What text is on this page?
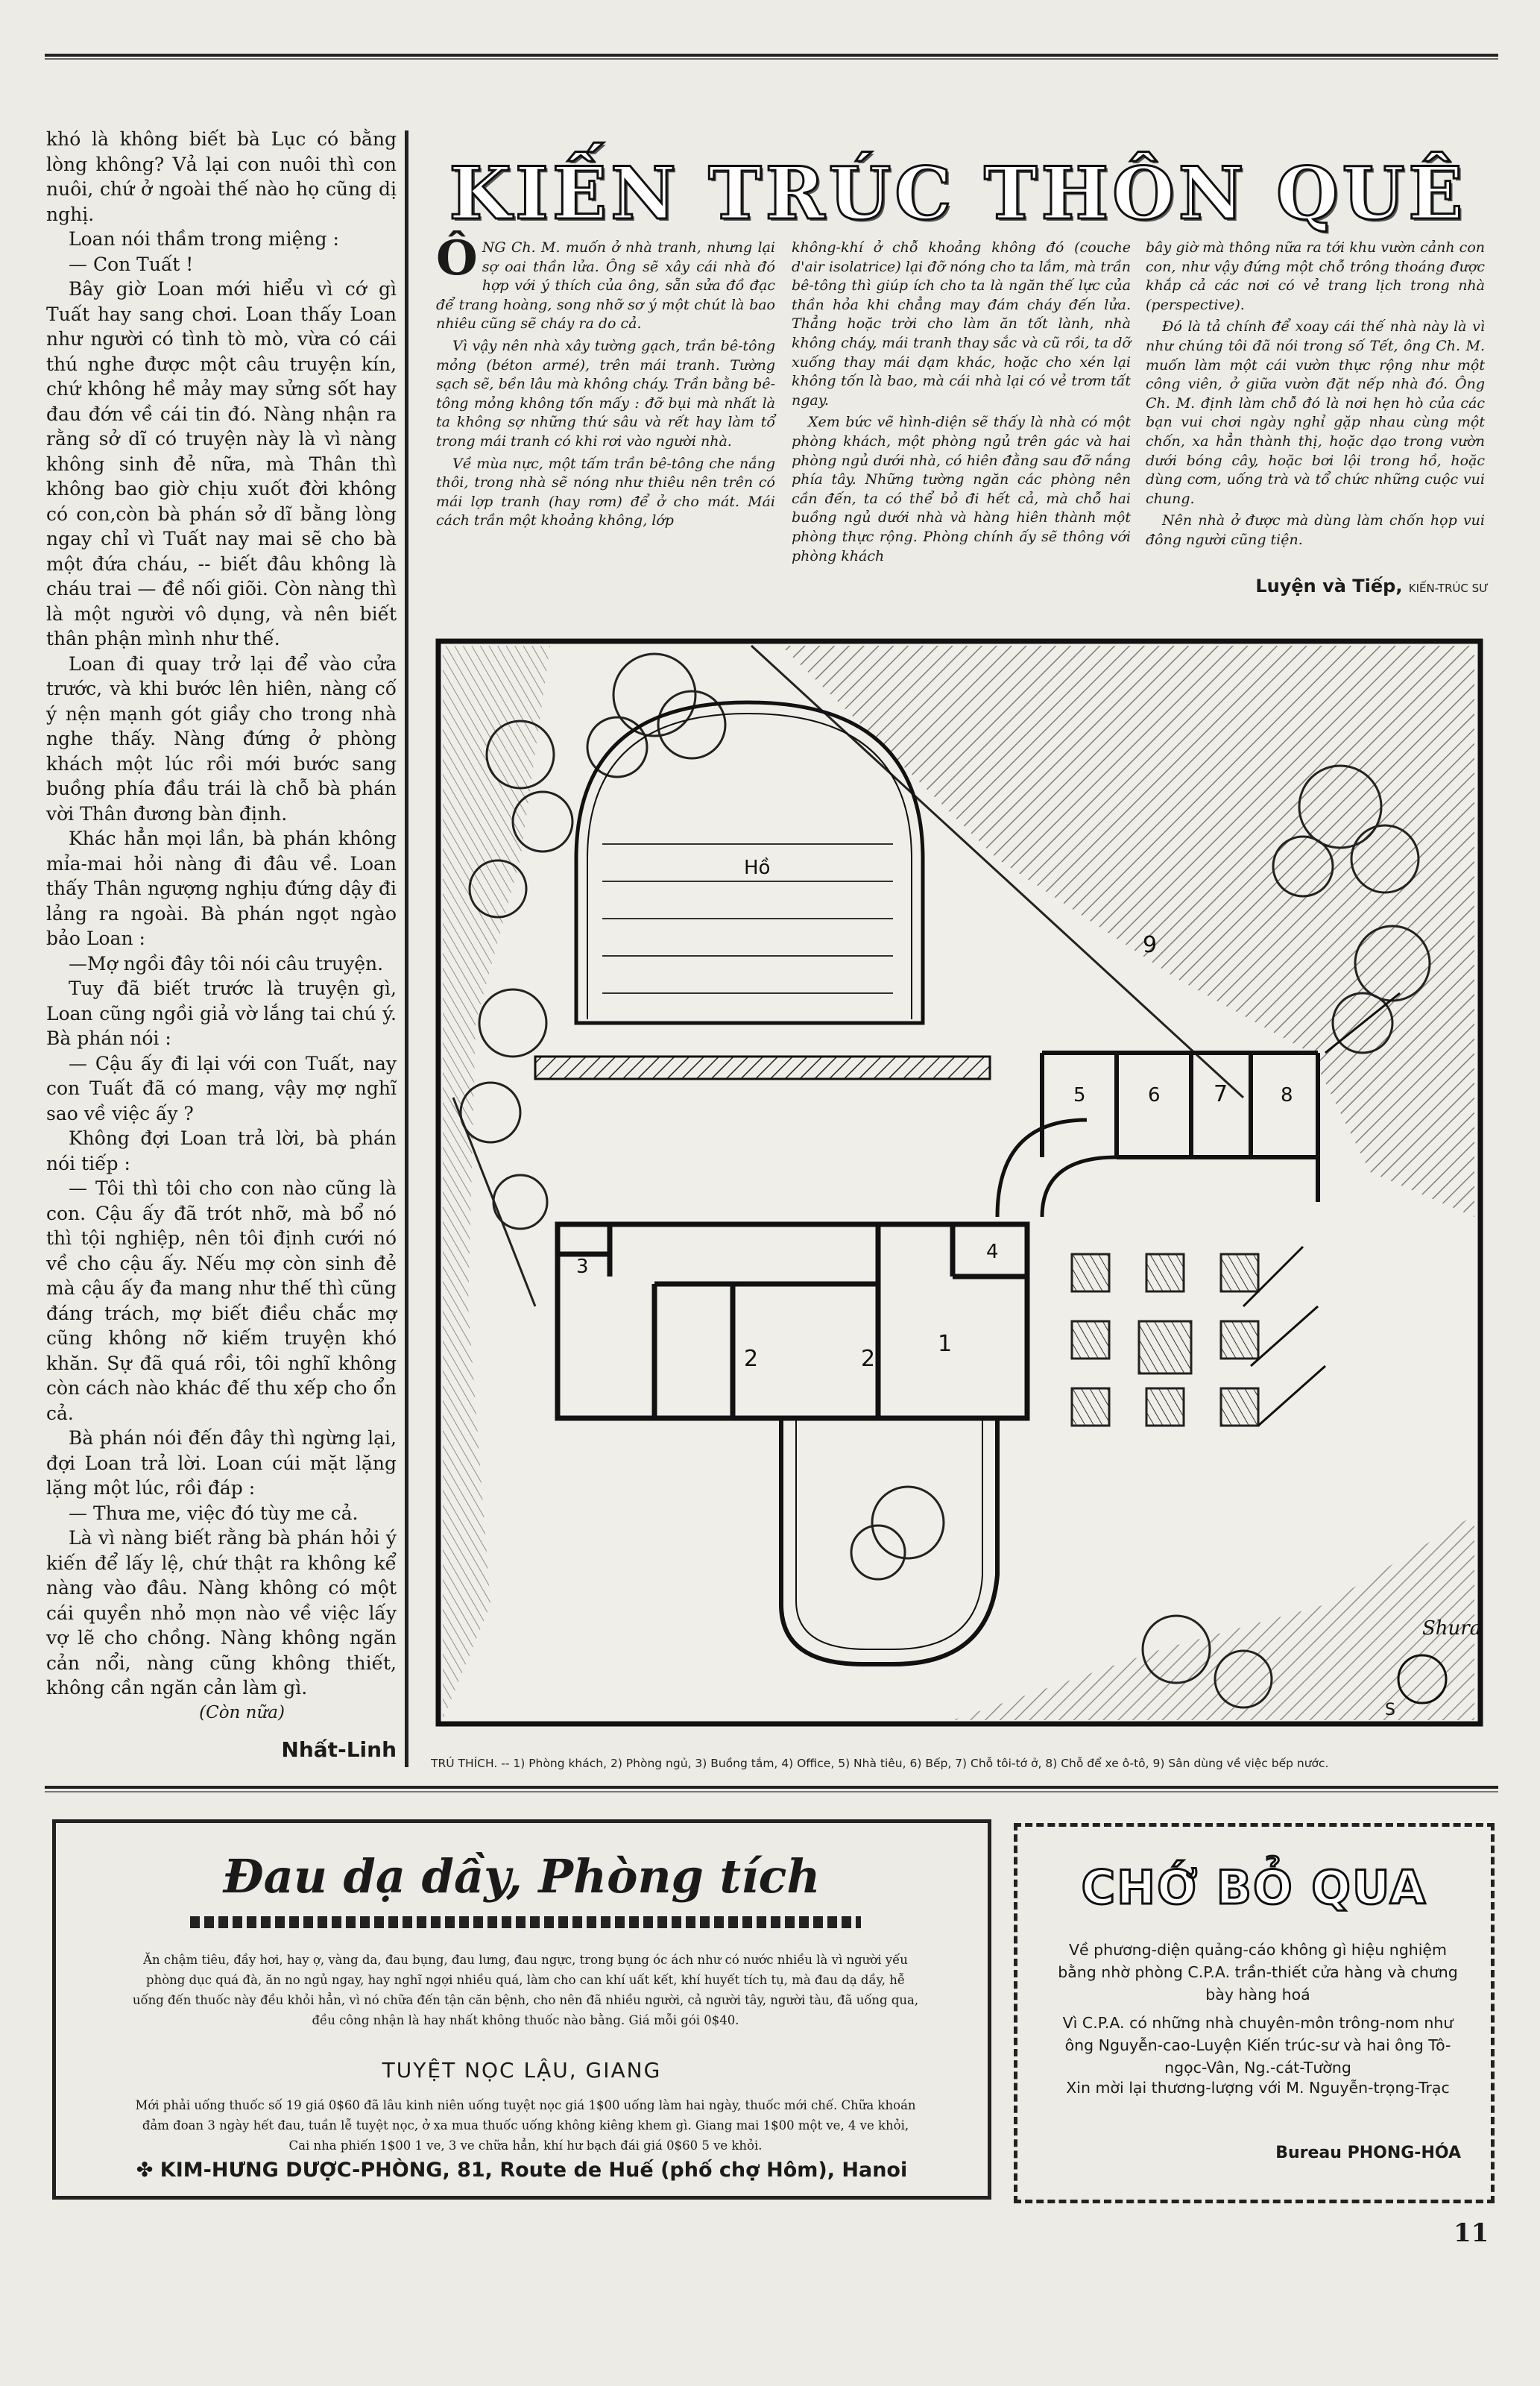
khó là không biết bà Lục có bằng lòng không? Vả lại con nuôi thì con nuôi, chứ ở ngoài thế nào họ cũng dị nghị.

Loan nói thầm trong miệng :

— Con Tuất !

Bây giờ Loan mới hiểu vì cớ gì Tuất hay sang chơi. Loan thấy Loan như người có tình tò mò, vừa có cái thú nghe được một câu truyện kín, chứ không hề mảy may sửng sốt hay đau đớn về cái tin đó. Nàng nhận ra rằng sở dĩ có truyện này là vì nàng không sinh đẻ nữa, mà Thân thì không bao giờ chịu xuốt đời không có con,còn bà phán sở dĩ bằng lòng ngay chỉ vì Tuất nay mai sẽ cho bà một đứa cháu, -- biết đâu không là cháu trai — đề nối giõi. Còn nàng thì là một người vô dụng, và nên biết thân phận mình như thế.

Loan đi quay trở lại để vào cửa trước, và khi bước lên hiên, nàng cố ý nện mạnh gót giầy cho trong nhà nghe thấy. Nàng đứng ở phòng khách một lúc rồi mới bước sang buồng phía đầu trái là chỗ bà phán vời Thân đương bàn định.

Khác hẳn mọi lần, bà phán không mỉa-mai hỏi nàng đi đâu về. Loan thấy Thân ngượng nghịu đứng dậy đi lảng ra ngoài. Bà phán ngọt ngào bảo Loan :

—Mợ ngồi đây tôi nói câu truyện.

Tuy đã biết trước là truyện gì, Loan cũng ngồi giả vờ lắng tai chú ý. Bà phán nói :

— Cậu ấy đi lại với con Tuất, nay con Tuất đã có mang, vậy mợ nghĩ sao về việc ấy ?

Không đợi Loan trả lời, bà phán nói tiếp :

— Tôi thì tôi cho con nào cũng là con. Cậu ấy đã trót nhỡ, mà bổ nó thì tội nghiệp, nên tôi định cưới nó về cho cậu ấy. Nếu mợ còn sinh đẻ mà cậu ấy đa mang như thế thì cũng đáng trách, mợ biết điều chắc mợ cũng không nỡ kiếm truyện khó khăn. Sự đã quá rồi, tôi nghĩ không còn cách nào khác đế thu xếp cho ổn cả.

Bà phán nói đến đây thì ngừng lại, đợi Loan trả lời. Loan cúi mặt lặng lặng một lúc, rồi đáp :

— Thưa me, việc đó tùy me cả.

Là vì nàng biết rằng bà phán hỏi ý kiến để lấy lệ, chứ thật ra không kể nàng vào đâu. Nàng không có một cái quyền nhỏ mọn nào về việc lấy vợ lẽ cho chồng. Nàng không ngăn cản nổi, nàng cũng không thiết, không cần ngăn cản làm gì.

(Còn nữa)

Nhất-Linh

KIẾN TRÚC THÔN QUÊ

ÔNG Ch. M. muốn ở nhà tranh, nhưng lại sợ oai thần lửa. Ông sẽ xây cái nhà đó hợp với ý thích của ông, sẵn sửa đồ đạc để trang hoàng, song nhỡ sơ ý một chút là bao nhiêu cũng sẽ cháy ra do cả.

Vì vậy nên nhà xây tường gạch, trần bê-tông mỏng (béton armé), trên mái tranh. Tường sạch sẽ, bền lâu mà không cháy. Trần bằng bê-tông mỏng không tốn mấy : đỡ bụi mà nhất là ta không sợ những thứ sâu và rết hay làm tổ trong mái tranh có khi rơi vào người nhà.

Về mùa nực, một tấm trần bê-tông che nắng thôi, trong nhà sẽ nóng như thiêu nên trên có mái lợp tranh (hay rơm) để ở cho mát. Mái cách trần một khoảng không, lớp

không-khí ở chỗ khoảng không đó (couche d'air isolatrice) lại đỡ nóng cho ta lắm, mà trần bê-tông thì giúp ích cho ta là ngăn thế lực của thần hỏa khi chẳng may đám cháy đến lửa. Thẳng hoặc trời cho làm ăn tốt lành, nhà không cháy, mái tranh thay sắc và cũ rồi, ta dỡ xuống thay mái dạm khác, hoặc cho xén lại không tốn là bao, mà cái nhà lại có vẻ trơm tất ngay.

Xem bức vẽ hình-diện sẽ thấy là nhà có một phòng khách, một phòng ngủ trên gác và hai phòng ngủ dưới nhà, có hiên đằng sau đỡ nắng phía tây. Những tường ngăn các phòng nên cần đến, ta có thể bỏ đi hết cả, mà chỗ hai buồng ngủ dưới nhà và hàng hiên thành một phòng thực rộng. Phòng chính ấy sẽ thông với phòng khách

bây giờ mà thông nữa ra tới khu vườn cảnh con con, như vậy đứng một chỗ trông thoáng được khắp cả các nơi có vẻ trang lịch trong nhà (perspective).

Đó là tả chính để xoay cái thế nhà này là vì như chúng tôi đã nói trong số Tết, ông Ch. M. muốn làm một cái vườn thực rộng như một công viên, ở giữa vườn đặt nếp nhà đó. Ông Ch. M. định làm chỗ đó là nơi hẹn hò của các bạn vui chơi ngày nghỉ gặp nhau cùng một chốn, xa hẳn thành thị, hoặc dạo trong vườn dưới bóng cây, hoặc bơi lội trong hồ, hoặc dùng cơm, uống trà và tổ chức những cuộc vui chung.

Nên nhà ở được mà dùng làm chốn họp vui đông người cũng tiện.

Luyện và Tiếp, KIẾN-TRÚC SƯ
Hồ
5	6 7	8
9
1
2	2
3
4
S
Shura
TRÚ THÍCH. -- 1) Phòng khách, 2) Phòng ngủ, 3) Buồng tắm, 4) Office, 5) Nhà tiêu, 6) Bếp, 7) Chỗ tôi-tớ ở, 8) Chỗ để xe ô-tô, 9) Sân dùng về việc bếp nước.
Đau dạ dầy, Phòng tích
Ăn chậm tiêu, đầy hơi, hay ợ, vàng da, đau bụng, đau lưng, đau ngực, trong bụng óc ách như có nước nhiều là vì người yếu phòng dục quá đà, ăn no ngủ ngay, hay nghĩ ngợi nhiều quá, làm cho can khí uất kết, khí huyết tích tụ, mà đau dạ dầy, hễ uống đến thuốc này đều khỏi hẳn, vì nó chữa đến tận căn bệnh, cho nên đã nhiều người, cả người tây, người tàu, đã uống qua, đều công nhận là hay nhất không thuốc nào bằng. Giá mỗi gói 0$40.
TUYỆT NỌC LẬU, GIANG
Mới phải uống thuốc số 19 giá 0$60 đã lâu kinh niên uống tuyệt nọc giá 1$00 uống làm hai ngày, thuốc mới chế. Chữa khoán đảm đoan 3 ngày hết đau, tuần lễ tuyệt nọc, ở xa mua thuốc uống không kiêng khem gì. Giang mai 1$00 một ve, 4 ve khỏi, Cai nha phiến 1$00 1 ve, 3 ve chữa hẳn, khí hư bạch đái giá 0$60 5 ve khỏi.
✤ KIM-HƯNG DƯỢC-PHÒNG, 81, Route de Huế (phố chợ Hôm), Hanoi
CHỚ BỎ QUA

Về phương-diện quảng-cáo không gì hiệu nghiệm bằng nhờ phòng C.P.A. trần-thiết cửa hàng và chưng bày hàng hoá

Vì C.P.A. có những nhà chuyên-môn trông-nom như ông Nguyễn-cao-Luyện Kiến trúc-sư và hai ông Tô-ngọc-Vân, Ng.-cát-Tường

Xin mời lại thương-lượng với M. Nguyễn-trọng-Trạc
Bureau PHONG-HÓA
11
